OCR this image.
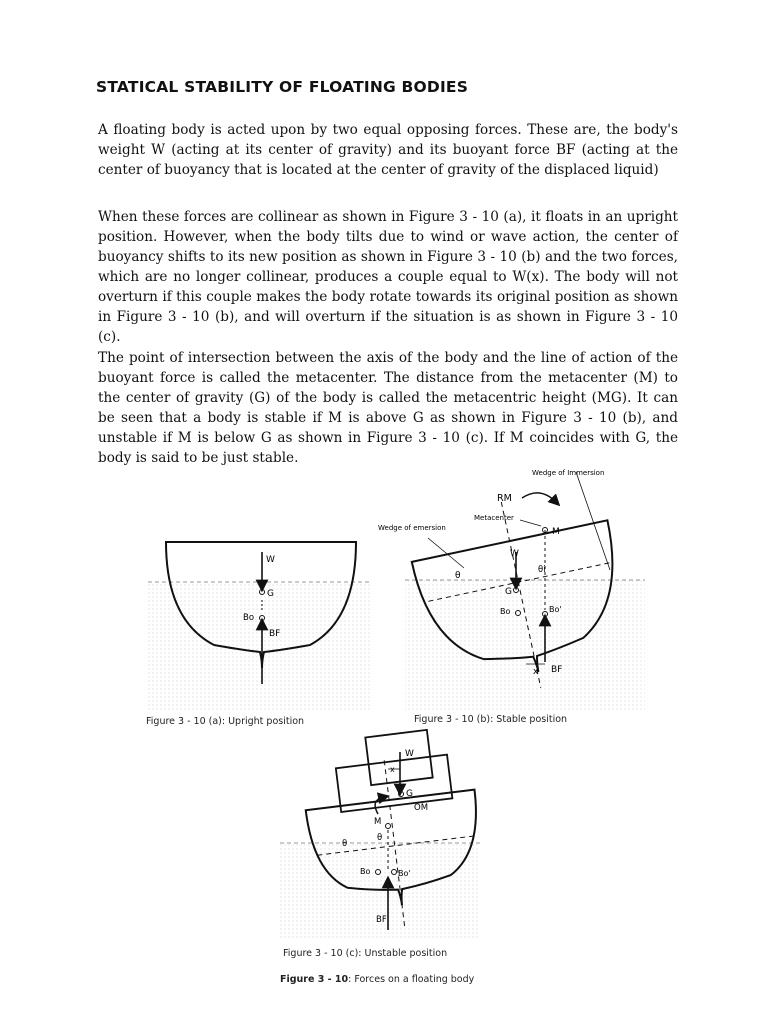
STATICAL STABILITY OF FLOATING BODIES

A floating body is acted upon by two equal opposing forces. These are, the body's weight W (acting at its center of gravity) and its buoyant force BF (acting at the center of buoyancy that is located at the center of gravity of the displaced liquid)

When these forces are collinear as shown in Figure 3 - 10 (a), it floats in an upright position. However, when the body tilts due to wind or wave action, the center of buoyancy shifts to its new position as shown in Figure 3 - 10 (b) and the two forces, which are no longer collinear, produces a couple equal to W(x). The body will not overturn if this couple makes the body rotate towards its original position as shown in Figure 3 - 10 (b), and will overturn if the situation is as shown in Figure 3 - 10 (c).

The point of intersection between the axis of the body and the line of action of the buoyant force is called the metacenter. The distance from the metacenter (M) to the center of gravity (G) of the body is called the metacentric height (MG). It can be seen that a body is stable if M is above G as shown in Figure 3 - 10 (b), and unstable if M is below G as shown in Figure 3 - 10 (c). If M coincides with G, the body is said to be just stable.

W
G
Bo
BF
RM
Metacenter
M
W
θi
θ
G
Bo	Bo'
x BF
Wedge of Immersion
Wedge of emersion
W
x
G
OM
M
θ
θ
Bo	Bo'
BF

Figure 3 - 10 (a): Upright position	Figure 3 - 10 (b): Stable position

Figure 3 - 10 (c): Unstable position

Figure 3 - 10: Forces on a floating body
